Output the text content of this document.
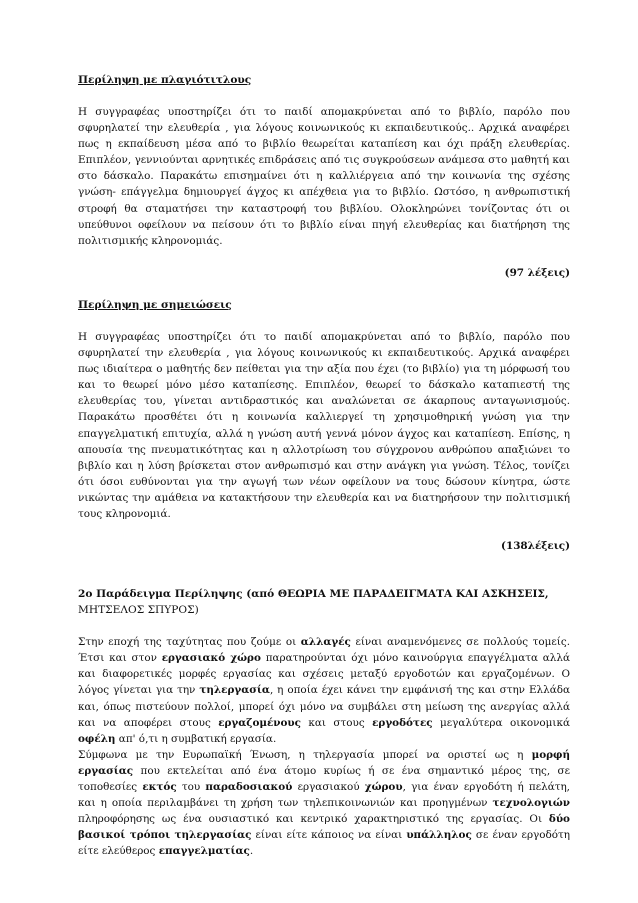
Περίληψη με πλαγιότιτλους

Η συγγραφέας υποστηρίζει ότι το παιδί απομακρύνεται από το βιβλίο, παρόλο που σφυρηλατεί την ελευθερία , για λόγους κοινωνικούς κι εκπαιδευτικούς.. Αρχικά αναφέρει πως η εκπαίδευση μέσα από το βιβλίο θεωρείται καταπίεση και όχι πράξη ελευθερίας. Επιπλέον, γεννιούνται αρνητικές επιδράσεις από τις συγκρούσεων ανάμεσα στο μαθητή και στο δάσκαλο. Παρακάτω επισημαίνει ότι η καλλιέργεια από την κοινωνία της σχέσης γνώση- επάγγελμα δημιουργεί άγχος κι απέχθεια για το βιβλίο. Ωστόσο, η ανθρωπιστική στροφή θα σταματήσει την καταστροφή του βιβλίου. Ολοκληρώνει τονίζοντας ότι οι υπεύθυνοι οφείλουν να πείσουν ότι το βιβλίο είναι πηγή ελευθερίας και διατήρηση της πολιτισμικής κληρονομιάς.

(97 λέξεις)

Περίληψη με σημειώσεις

Η συγγραφέας υποστηρίζει ότι το παιδί απομακρύνεται από το βιβλίο, παρόλο που σφυρηλατεί την ελευθερία , για λόγους κοινωνικούς κι εκπαιδευτικούς. Αρχικά αναφέρει πως ιδιαίτερα ο μαθητής δεν πείθεται για την αξία που έχει (το βιβλίο) για τη μόρφωσή του και το θεωρεί μόνο μέσο καταπίεσης. Επιπλέον, θεωρεί το δάσκαλο καταπιεστή της ελευθερίας του, γίνεται αντιδραστικός και αναλώνεται σε άκαρπους ανταγωνισμούς. Παρακάτω προσθέτει ότι η κοινωνία καλλιεργεί τη χρησιμοθηρική γνώση για την επαγγελματική επιτυχία, αλλά η γνώση αυτή γεννά μόνον άγχος και καταπίεση. Επίσης, η απουσία της πνευματικότητας και η αλλοτρίωση του σύγχρονου ανθρώπου απαξιώνει το βιβλίο και η λύση βρίσκεται στον ανθρωπισμό και στην ανάγκη για γνώση. Τέλος, τονίζει ότι όσοι ευθύνονται για την αγωγή των νέων οφείλουν να τους δώσουν κίνητρα, ώστε νικώντας την αμάθεια να κατακτήσουν την ελευθερία και να διατηρήσουν την πολιτισμική τους κληρονομιά.

(138λέξεις)

2ο Παράδειγμα Περίληψης (από ΘΕΩΡΙΑ ΜΕ ΠΑΡΑΔΕΙΓΜΑΤΑ ΚΑΙ ΑΣΚΗΣΕΙΣ, ΜΗΤΣΕΛΟΣ ΣΠΥΡΟΣ)

Στην εποχή της ταχύτητας που ζούμε οι αλλαγές είναι αναμενόμενες σε πολλούς τομείς. Έτσι και στον εργασιακό χώρο παρατηρούνται όχι μόνο καινούργια επαγγέλματα αλλά και διαφορετικές μορφές εργασίας και σχέσεις μεταξύ εργοδοτών και εργαζομένων. Ο λόγος γίνεται για την τηλεργασία, η οποία έχει κάνει την εμφάνισή της και στην Ελλάδα και, όπως πιστεύουν πολλοί, μπορεί όχι μόνο να συμβάλει στη μείωση της ανεργίας αλλά και να αποφέρει στους εργαζομένους και στους εργοδότες μεγαλύτερα οικονομικά οφέλη απ' ό,τι η συμβατική εργασία.

Σύμφωνα με την Ευρωπαϊκή Ένωση, η τηλεργασία μπορεί να οριστεί ως η μορφή εργασίας που εκτελείται από ένα άτομο κυρίως ή σε ένα σημαντικό μέρος της, σε τοποθεσίες εκτός του παραδοσιακού εργασιακού χώρου, για έναν εργοδότη ή πελάτη, και η οποία περιλαμβάνει τη χρήση των τηλεπικοινωνιών και προηγμένων τεχνολογιών πληροφόρησης ως ένα ουσιαστικό και κεντρικό χαρακτηριστικό της εργασίας. Οι δύο βασικοί τρόποι τηλεργασίας είναι είτε κάποιος να είναι υπάλληλος σε έναν εργοδότη είτε ελεύθερος επαγγελματίας.
